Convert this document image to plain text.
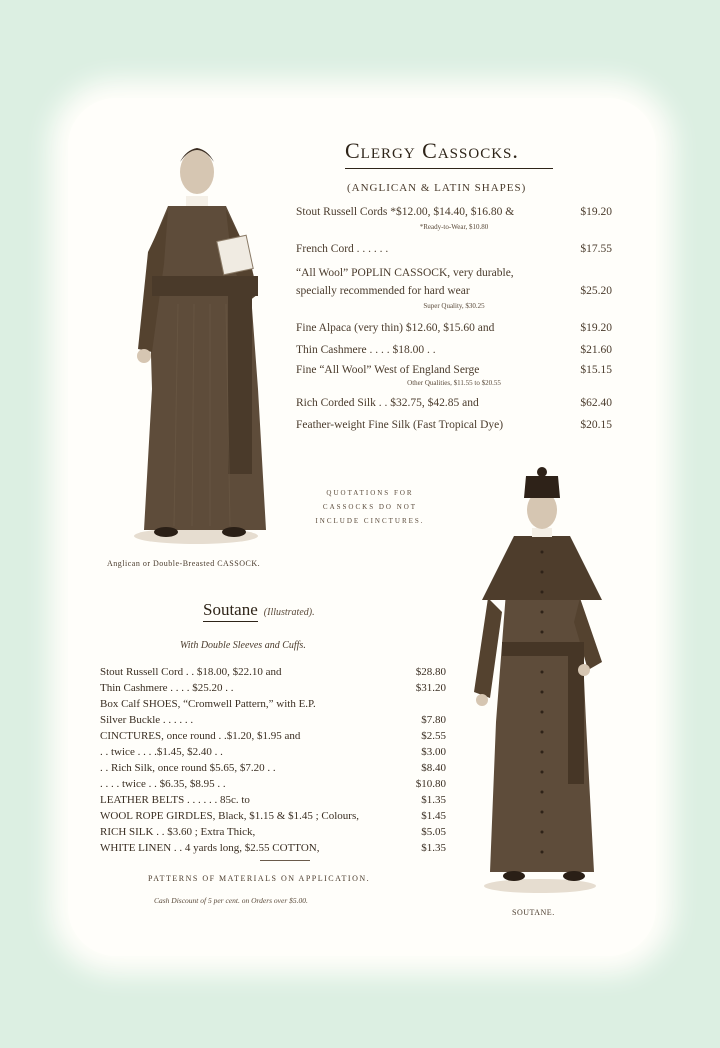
Clergy Cassocks.
(ANGLICAN & LATIN SHAPES)
Stout Russell Cords *$12.00, $14.40, $16.80 &	$19.20
*Ready-to-Wear, $10.80
French Cord . . . . . .	$17.55
“All Wool” POPLIN CASSOCK, very durable,
specially recommended for hard wear	$25.20
Super Quality, $30.25
Fine Alpaca (very thin) $12.60, $15.60 and	$19.20
Thin Cashmere . . . . $18.00 . .	$21.60
Fine “All Wool” West of England Serge	$15.15
Other Qualities, $11.55 to $20.55
Rich Corded Silk . . $32.75, $42.85 and	$62.40
Feather-weight Fine Silk (Fast Tropical Dye)	$20.15
QUOTATIONS FOR
CASSOCKS DO NOT
INCLUDE CINCTURES.
Anglican or Double-Breasted CASSOCK.
Soutane (Illustrated).
With Double Sleeves and Cuffs.
Stout Russell Cord . . $18.00, $22.10 and	$28.80
Thin Cashmere . . . . $25.20 . .	$31.20
Box Calf SHOES, “Cromwell Pattern,” with E.P.
Silver Buckle . . . . . .	$7.80
CINCTURES, once round . .$1.20, $1.95 and	$2.55
. . twice . . . .$1.45, $2.40 . .	$3.00
. . Rich Silk, once round $5.65, $7.20 . .	$8.40
. . . . twice . . $6.35, $8.95 . .	$10.80
LEATHER BELTS . . . . . . 85c. to	$1.35
WOOL ROPE GIRDLES, Black, $1.15 & $1.45 ; Colours,	$1.45
RICH SILK . . $3.60 ; Extra Thick,	$5.05
WHITE LINEN . . 4 yards long, $2.55 COTTON,	$1.35
PATTERNS OF MATERIALS ON APPLICATION.
Cash Discount of 5 per cent. on Orders over $5.00.
SOUTANE.
